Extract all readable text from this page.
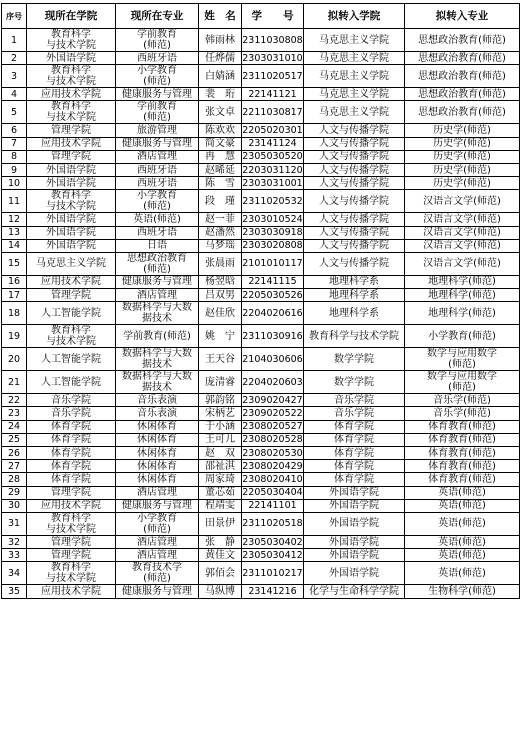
序号	现所在学院	现所在专业	姓　名	学　　号	拟转入学院	拟转入专业
1	教育科学
与技术学院	学前教育
(师范)	韩雨林	2311030808	马克思主义学院	思想政治教育(师范)
2	外国语学院	西班牙语	任烨儒	2303031010	马克思主义学院	思想政治教育(师范)
3	教育科学
与技术学院	小学教育
(师范)	白婧涵	2311020517	马克思主义学院	思想政治教育(师范)
4	应用技术学院	健康服务与管理	裴　珩	22141121	马克思主义学院	思想政治教育(师范)
5	教育科学
与技术学院	学前教育
(师范)	张文卓	2211030817	马克思主义学院	思想政治教育(师范)
6	管理学院	旅游管理	陈欢欢	2205020301	人文与传播学院	历史学(师范)
7	应用技术学院	健康服务与管理	简文豪	23141124	人文与传播学院	历史学(师范)
8	管理学院	酒店管理	冉　慧	2305030520	人文与传播学院	历史学(师范)
9	外国语学院	西班牙语	赵晞延	2203031120	人文与传播学院	历史学(师范)
10	外国语学院	西班牙语	陈　雪	2303031001	人文与传播学院	历史学(师范)
11	教育科学
与技术学院	小学教育
(师范)	段　瑾	2311020532	人文与传播学院	汉语言文学(师范)
12	外国语学院	英语(师范)	赵一菲	2303010524	人文与传播学院	汉语言文学(师范)
13	外国语学院	西班牙语	赵潘然	2303030918	人文与传播学院	汉语言文学(师范)
14	外国语学院	日语	马梦瑶	2303020808	人文与传播学院	汉语言文学(师范)
15	马克思主义学院	思想政治教育
(师范)	张晨雨	2101010117	人文与传播学院	汉语言文学(师范)
16	应用技术学院	健康服务与管理	杨翌晗	22141115	地理科学系	地理科学(师范)
17	管理学院	酒店管理	吕双男	2205030526	地理科学系	地理科学(师范)
18	人工智能学院	数据科学与大数
据技术	赵佳欣	2204020616	地理科学系	地理科学(师范)
19	教育科学
与技术学院	学前教育(师范)	姚　宁	2311030916	教育科学与技术学院	小学教育(师范)
20	人工智能学院	数据科学与大数
据技术	王天谷	2104030606	数学学院	数学与应用数学
(师范)
21	人工智能学院	数据科学与大数
据技术	庞清睿	2204020603	数学学院	数学与应用数学
(师范)
22	音乐学院	音乐表演	郭韵铭	2309020427	音乐学院	音乐学(师范)
23	音乐学院	音乐表演	宋柄艺	2309020522	音乐学院	音乐学(师范)
24	体育学院	休闲体育	于小涵	2308020527	体育学院	体育教育(师范)
25	体育学院	休闲体育	王可儿	2308020528	体育学院	体育教育(师范)
26	体育学院	休闲体育	赵　双	2308020530	体育学院	体育教育(师范)
27	体育学院	休闲体育	邵祉淇	2308020429	体育学院	体育教育(师范)
28	体育学院	休闲体育	周家琦	2308020410	体育学院	体育教育(师范)
29	管理学院	酒店管理	董芯茹	2205030404	外国语学院	英语(师范)
30	应用技术学院	健康服务与管理	程靖雯	22141101	外国语学院	英语(师范)
31	教育科学
与技术学院	小学教育
(师范)	田景伊	2311020518	外国语学院	英语(师范)
32	管理学院	酒店管理	张　静	2305030402	外国语学院	英语(师范)
33	管理学院	酒店管理	黄佳文	2305030412	外国语学院	英语(师范)
34	教育科学
与技术学院	教育技术学
(师范)	郭佰会	2311010217	外国语学院	英语(师范)
35	应用技术学院	健康服务与管理	马纵博	23141216	化学与生命科学学院	生物科学(师范)
